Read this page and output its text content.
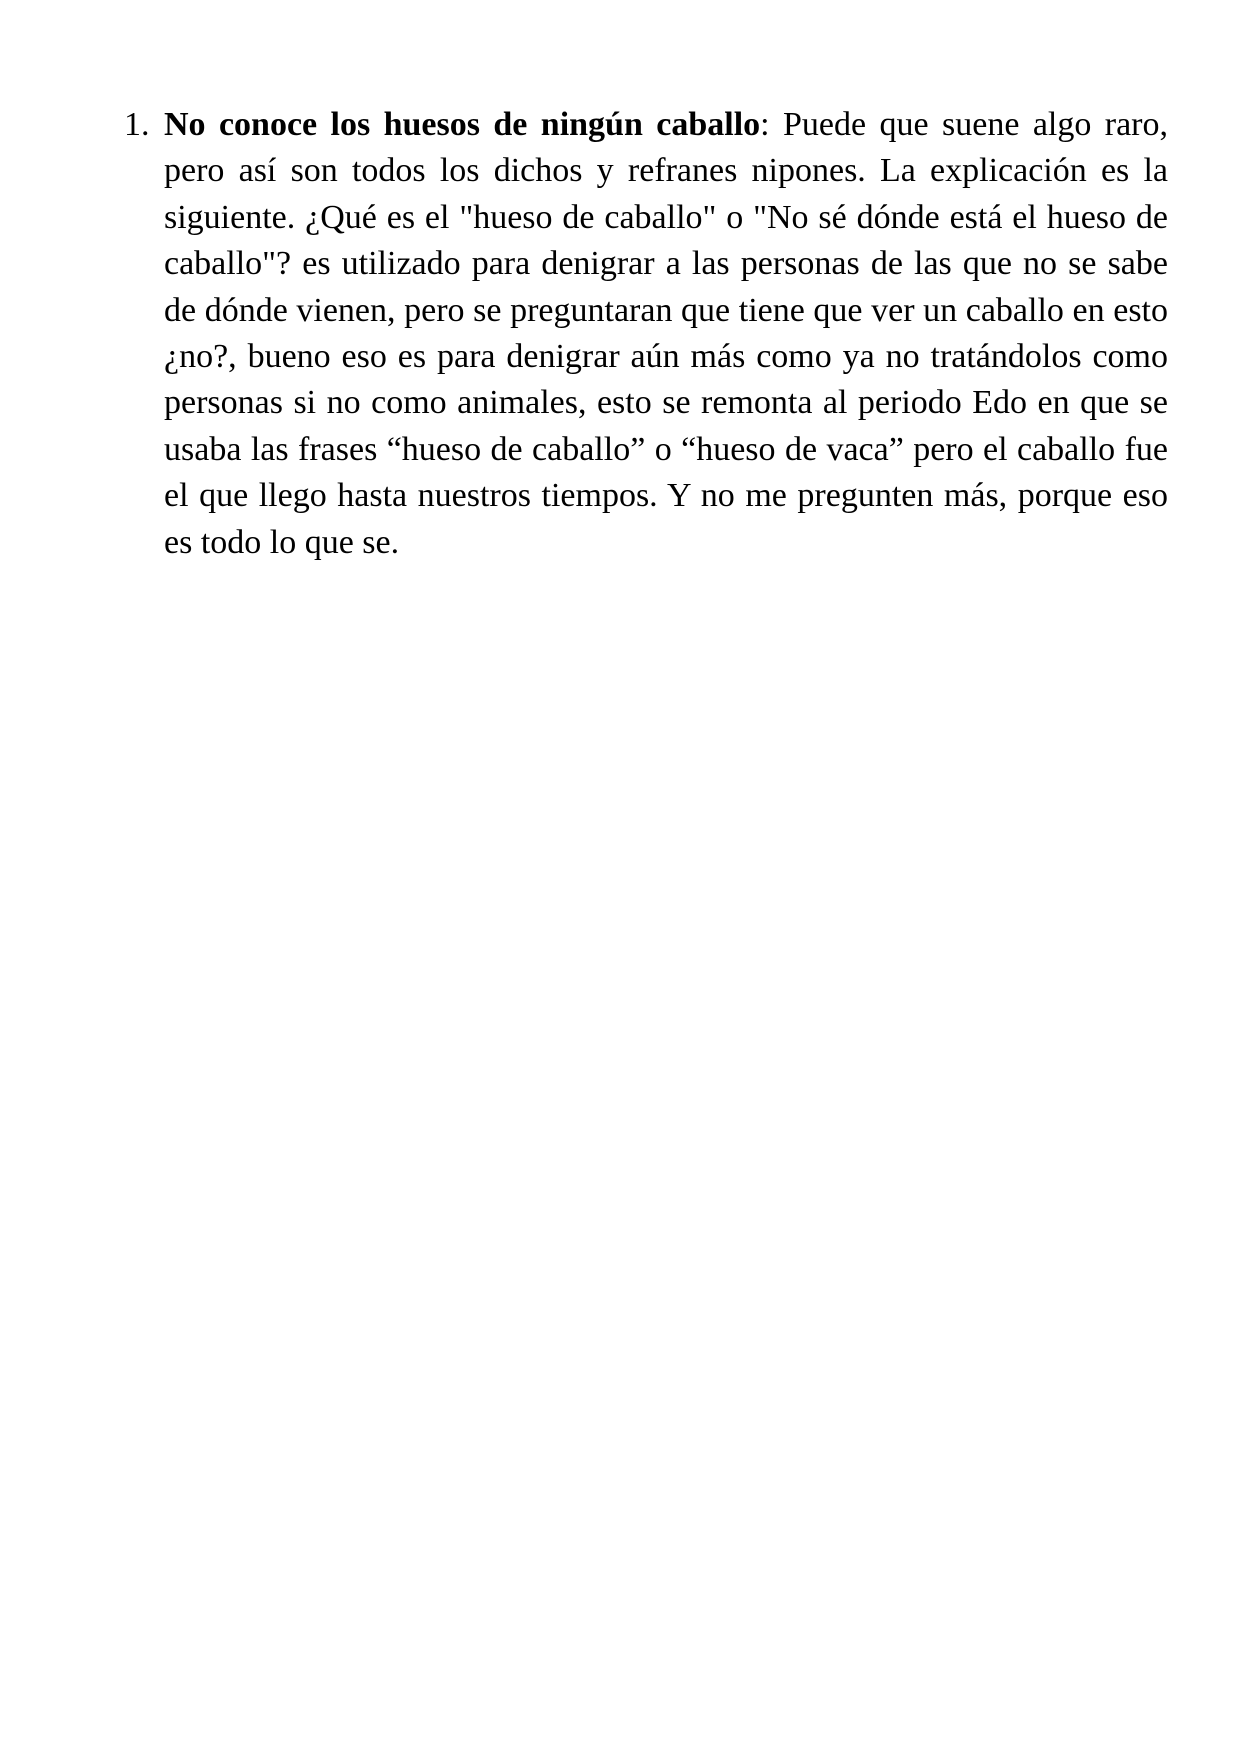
1. No conoce los huesos de ningún caballo: Puede que suene algo raro, pero así son todos los dichos y refranes nipones. La explicación es la siguiente. ¿Qué es el "hueso de caballo" o "No sé dónde está el hueso de caballo"? es utilizado para denigrar a las personas de las que no se sabe de dónde vienen, pero se preguntaran que tiene que ver un caballo en esto ¿no?, bueno eso es para denigrar aún más como ya no tratándolos como personas si no como animales, esto se remonta al periodo Edo en que se usaba las frases “hueso de caballo” o “hueso de vaca” pero el caballo fue el que llego hasta nuestros tiempos. Y no me pregunten más, porque eso es todo lo que se.
